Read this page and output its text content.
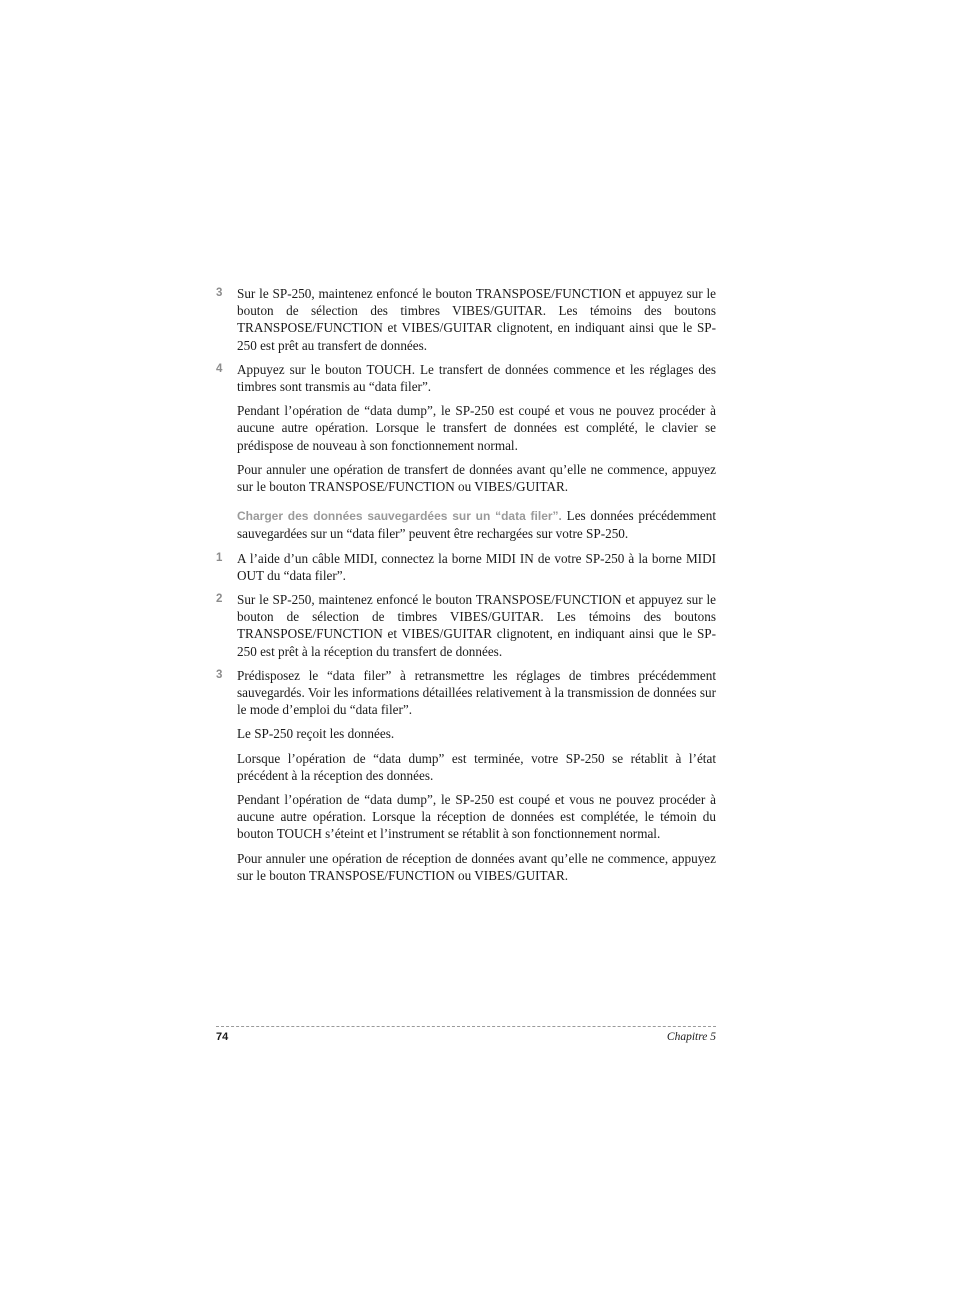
3 Sur le SP-250, maintenez enfoncé le bouton TRANSPOSE/FUNCTION et appuyez sur le bouton de sélection des timbres VIBES/GUITAR. Les témoins des boutons TRANSPOSE/FUNCTION et VIBES/GUITAR clignotent, en indiquant ainsi que le SP-250 est prêt au transfert de données.
4 Appuyez sur le bouton TOUCH. Le transfert de données commence et les réglages des timbres sont transmis au “data filer”.

Pendant l’opération de “data dump”, le SP-250 est coupé et vous ne pouvez procéder à aucune autre opération. Lorsque le transfert de données est complété, le clavier se prédispose de nouveau à son fonctionnement normal.

Pour annuler une opération de transfert de données avant qu’elle ne commence, appuyez sur le bouton TRANSPOSE/FUNCTION ou VIBES/GUITAR.

Charger des données sauvegardées sur un “data filer”. Les données précédemment sauvegardées sur un “data filer” peuvent être rechargées sur votre SP-250.

1 A l’aide d’un câble MIDI, connectez la borne MIDI IN de votre SP-250 à la borne MIDI OUT du “data filer”.
2 Sur le SP-250, maintenez enfoncé le bouton TRANSPOSE/FUNCTION et appuyez sur le bouton de sélection de timbres VIBES/GUITAR. Les témoins des boutons TRANSPOSE/FUNCTION et VIBES/GUITAR clignotent, en indiquant ainsi que le SP-250 est prêt à la réception du transfert de données.
3 Prédisposez le “data filer” à retransmettre les réglages de timbres précédemment sauvegardés. Voir les informations détaillées relativement à la transmission de données sur le mode d’emploi du “data filer”.

Le SP-250 reçoit les données.

Lorsque l’opération de “data dump” est terminée, votre SP-250 se rétablit à l’état précédent à la réception des données.

Pendant l’opération de “data dump”, le SP-250 est coupé et vous ne pouvez procéder à aucune autre opération. Lorsque la réception de données est complétée, le témoin du bouton TOUCH s’éteint et l’instrument se rétablit à son fonctionnement normal.

Pour annuler une opération de réception de données avant qu’elle ne commence, appuyez sur le bouton TRANSPOSE/FUNCTION ou VIBES/GUITAR.

74	Chapitre 5
